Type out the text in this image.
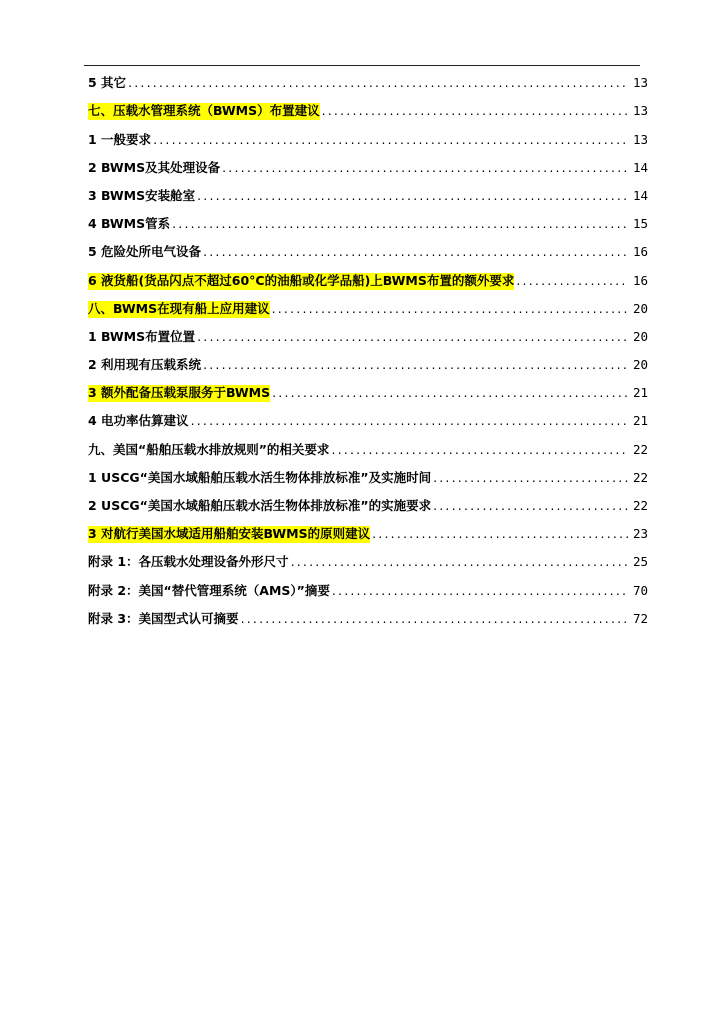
5 其它 .....	13
七、压载水管理系统（BWMS）布置建议 .....	13
1 一般要求 .....	13
2 BWMS及其处理设备 .....	14
3 BWMS安装舱室 .....	14
4 BWMS管系 .....	15
5 危险处所电气设备 .....	16
6 液货船(货品闪点不超过60°C的油船或化学品船)上BWMS布置的额外要求 .....	16
八、BWMS在现有船上应用建议 .....	20
1 BWMS布置位置 .....	20
2 利用现有压载系统 .....	20
3 额外配备压载泵服务于BWMS .....	21
4 电功率估算建议 .....	21
九、美国“船舶压载水排放规则”的相关要求 .....	22
1 USCG“美国水域船舶压载水活生物体排放标准”及实施时间 .....	22
2 USCG“美国水域船舶压载水活生物体排放标准”的实施要求 .....	22
3 对航行美国水域适用船舶安装BWMS的原则建议 .....	23
附录 1：各压载水处理设备外形尺寸 .....	25
附录 2：美国“替代管理系统（AMS）”摘要 .....	70
附录 3：美国型式认可摘要 .....	72
